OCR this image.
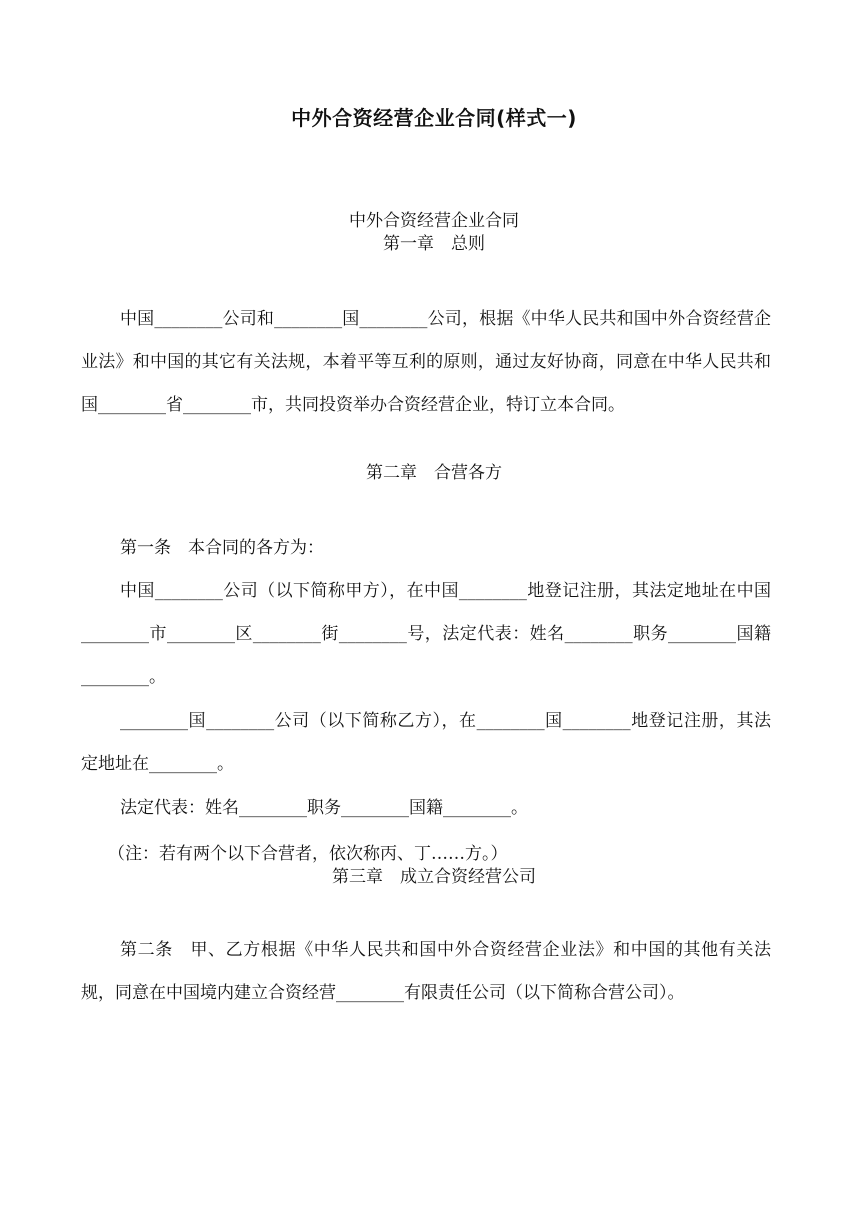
中外合资经营企业合同(样式一)
中外合资经营企业合同
第一章　总则
中国________公司和________国________公司，根据《中华人民共和国中外合资经营企业法》和中国的其它有关法规，本着平等互利的原则，通过友好协商，同意在中华人民共和国________省________市，共同投资举办合资经营企业，特订立本合同。
第二章　合营各方
第一条　本合同的各方为：
中国________公司（以下简称甲方），在中国________地登记注册，其法定地址在中国________市________区________街________号，法定代表：姓名________职务________国籍________。
________国________公司（以下简称乙方），在________国________地登记注册，其法定地址在________。
法定代表：姓名________职务________国籍________。
（注：若有两个以下合营者，依次称丙、丁……方。）
第三章　成立合资经营公司
第二条　甲、乙方根据《中华人民共和国中外合资经营企业法》和中国的其他有关法规，同意在中国境内建立合资经营________有限责任公司（以下简称合营公司）。
